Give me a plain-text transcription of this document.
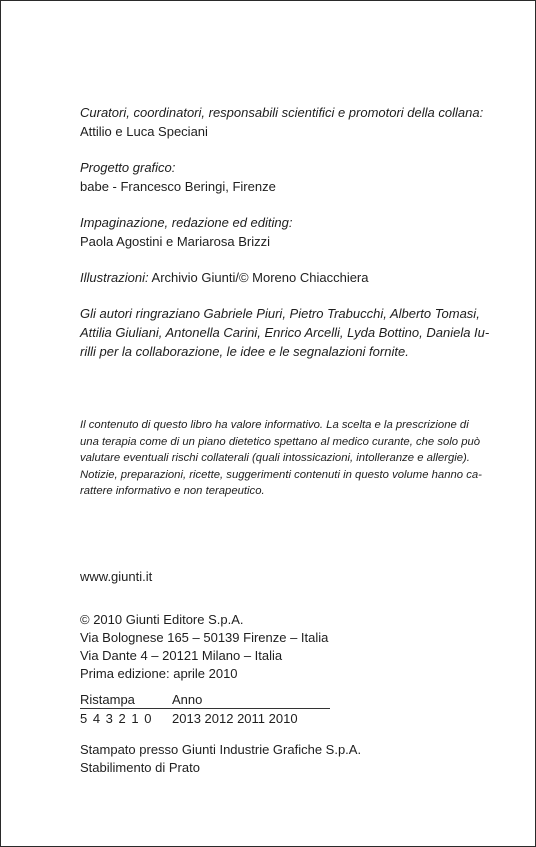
Curatori, coordinatori, responsabili scientifici e promotori della collana:
Attilio e Luca Speciani
Progetto grafico:
babe - Francesco Beringi, Firenze
Impaginazione, redazione ed editing:
Paola Agostini e Mariarosa Brizzi
Illustrazioni: Archivio Giunti/© Moreno Chiacchiera
Gli autori ringraziano Gabriele Piuri, Pietro Trabucchi, Alberto Tomasi,
Attilia Giuliani, Antonella Carini, Enrico Arcelli, Lyda Bottino, Daniela Iu-
rilli per la collaborazione, le idee e le segnalazioni fornite.
Il contenuto di questo libro ha valore informativo. La scelta e la prescrizione di
una terapia come di un piano dietetico spettano al medico curante, che solo può
valutare eventuali rischi collaterali (quali intossicazioni, intolleranze e allergie).
Notizie, preparazioni, ricette, suggerimenti contenuti in questo volume hanno ca-
rattere informativo e non terapeutico.
www.giunti.it
© 2010 Giunti Editore S.p.A.
Via Bolognese 165 – 50139 Firenze – Italia
Via Dante 4 – 20121 Milano – Italia
Prima edizione: aprile 2010
Ristampa	Anno
5 4 3 2 1 0	2013 2012 2011 2010
Stampato presso Giunti Industrie Grafiche S.p.A.
Stabilimento di Prato
